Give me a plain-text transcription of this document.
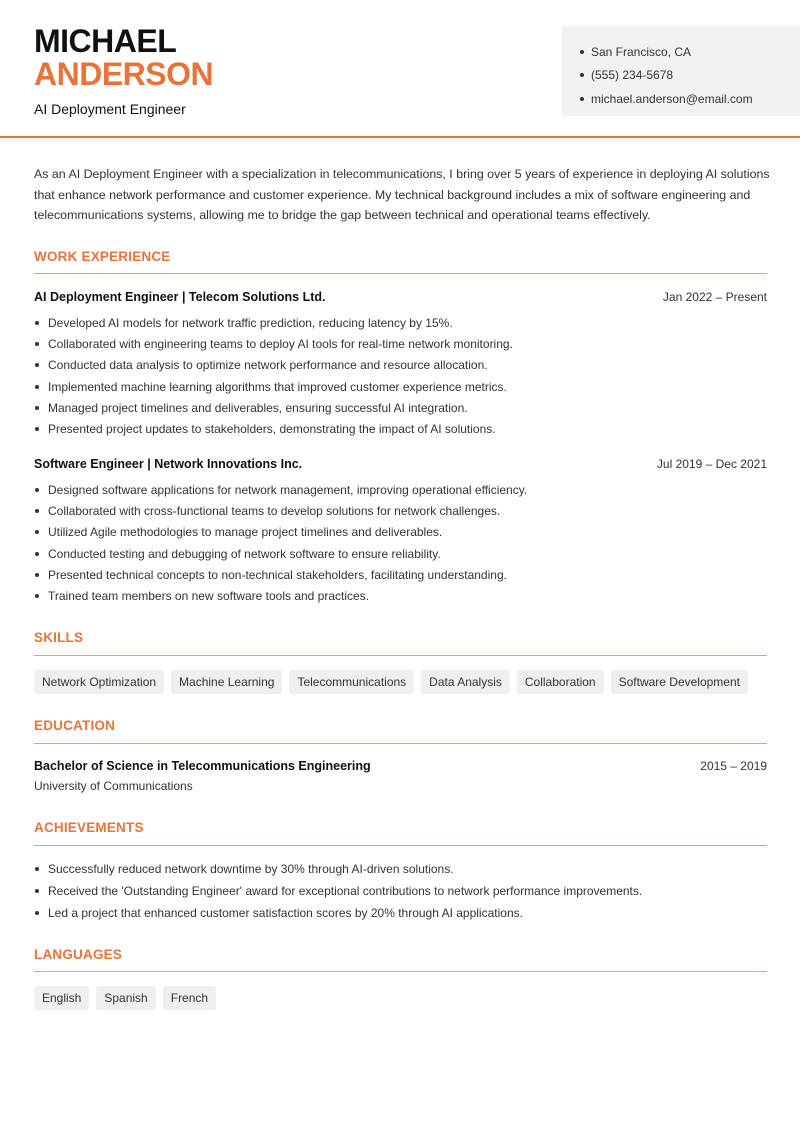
MICHAEL
ANDERSON
AI Deployment Engineer
San Francisco, CA
(555) 234-5678
michael.anderson@email.com
As an AI Deployment Engineer with a specialization in telecommunications, I bring over 5 years of experience in deploying AI solutions that enhance network performance and customer experience. My technical background includes a mix of software engineering and telecommunications systems, allowing me to bridge the gap between technical and operational teams effectively.
WORK EXPERIENCE
AI Deployment Engineer | Telecom Solutions Ltd.	Jan 2022 – Present
Developed AI models for network traffic prediction, reducing latency by 15%.
Collaborated with engineering teams to deploy AI tools for real-time network monitoring.
Conducted data analysis to optimize network performance and resource allocation.
Implemented machine learning algorithms that improved customer experience metrics.
Managed project timelines and deliverables, ensuring successful AI integration.
Presented project updates to stakeholders, demonstrating the impact of AI solutions.
Software Engineer | Network Innovations Inc.	Jul 2019 – Dec 2021
Designed software applications for network management, improving operational efficiency.
Collaborated with cross-functional teams to develop solutions for network challenges.
Utilized Agile methodologies to manage project timelines and deliverables.
Conducted testing and debugging of network software to ensure reliability.
Presented technical concepts to non-technical stakeholders, facilitating understanding.
Trained team members on new software tools and practices.
SKILLS
Network Optimization	Machine Learning	Telecommunications	Data Analysis	Collaboration	Software Development
EDUCATION
Bachelor of Science in Telecommunications Engineering	2015 – 2019
University of Communications
ACHIEVEMENTS
Successfully reduced network downtime by 30% through AI-driven solutions.
Received the 'Outstanding Engineer' award for exceptional contributions to network performance improvements.
Led a project that enhanced customer satisfaction scores by 20% through AI applications.
LANGUAGES
English	Spanish	French
